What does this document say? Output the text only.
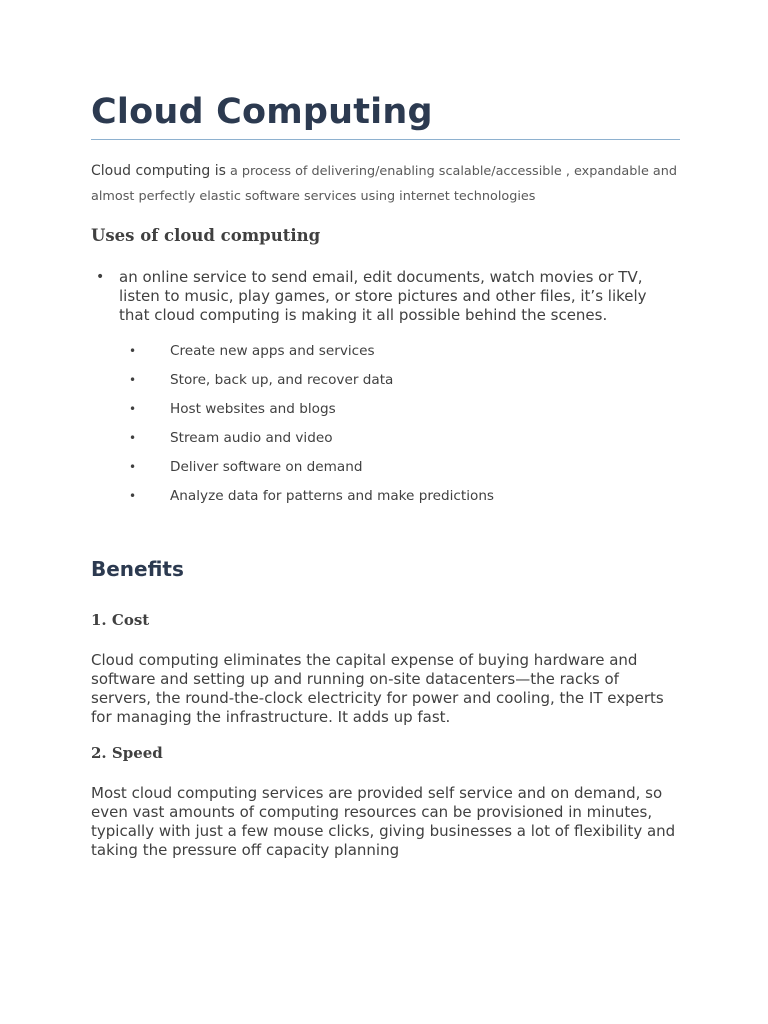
Cloud Computing

Cloud computing is a process of delivering/enabling scalable/accessible , expandable and almost perfectly elastic software services using internet technologies

Uses of cloud computing
• an online service to send email, edit documents, watch movies or TV, listen to music, play games, or store pictures and other files, it’s likely that cloud computing is making it all possible behind the scenes.
• Create new apps and services
• Store, back up, and recover data
• Host websites and blogs
• Stream audio and video
• Deliver software on demand
• Analyze data for patterns and make predictions
Benefits
1. Cost

Cloud computing eliminates the capital expense of buying hardware and software and setting up and running on-site datacenters—the racks of servers, the round-the-clock electricity for power and cooling, the IT experts for managing the infrastructure. It adds up fast.

2. Speed

Most cloud computing services are provided self service and on demand, so even vast amounts of computing resources can be provisioned in minutes, typically with just a few mouse clicks, giving businesses a lot of flexibility and taking the pressure off capacity planning
